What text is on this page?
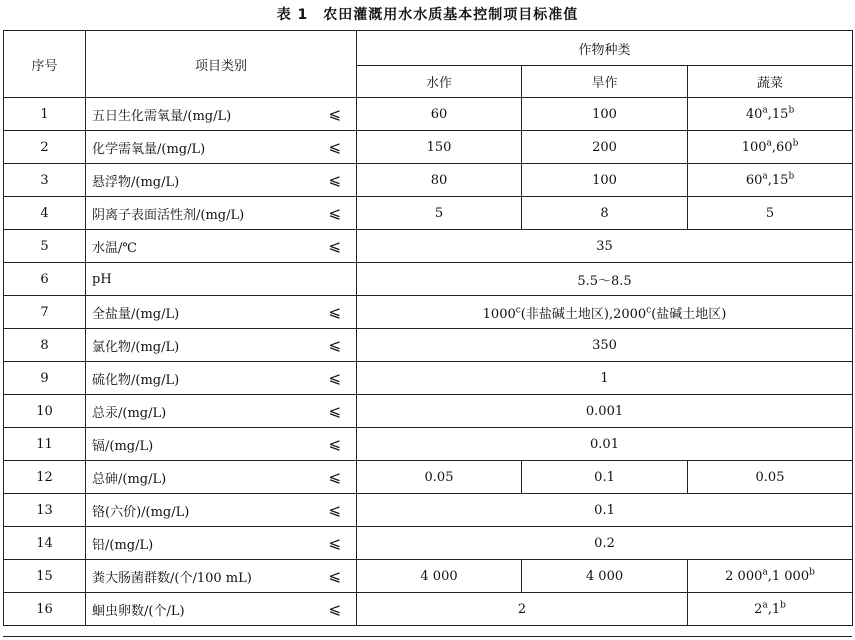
表 1　农田灌溉用水水质基本控制项目标准值
序号	项目类别		作物种类		
			水作	旱作	蔬菜
1	五日生化需氧量/(mg/L)	⩽	60	100	40$^a$,15$^b$
2	化学需氧量/(mg/L)	⩽	150	200	100$^a$,60$^b$
3	悬浮物/(mg/L)	⩽	80	100	60$^a$,15$^b$
4	阴离子表面活性剂/(mg/L)	⩽	5	8	5
5	水温/℃	⩽	35		
6	pH		5.5～8.5		
7	全盐量/(mg/L)	⩽	1000$^c$(非盐碱土地区),2000$^c$(盐碱土地区)		
8	氯化物/(mg/L)	⩽	350		
9	硫化物/(mg/L)	⩽	1		
10	总汞/(mg/L)	⩽	0.001		
11	镉/(mg/L)	⩽	0.01		
12	总砷/(mg/L)	⩽	0.05	0.1	0.05
13	铬(六价)/(mg/L)	⩽	0.1		
14	铅/(mg/L)	⩽	0.2		
15	粪大肠菌群数/(个/100 mL)	⩽	4 000	4 000	2 000$^a$,1 000$^b$
16	蛔虫卵数/(个/L)	⩽	2		2$^a$,1$^b$
